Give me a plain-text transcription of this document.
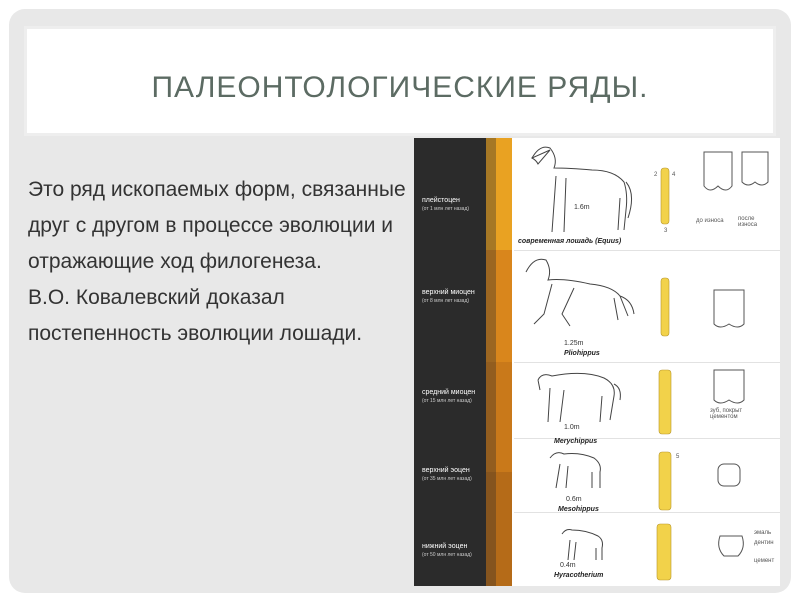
ПАЛЕОНТОЛОГИЧЕСКИЕ РЯДЫ.

Это ряд ископаемых форм, связанные друг с другом в процессе эволюции и отражающие ход филогенеза.

В.О. Ковалевский доказал постепенность эволюции лошади.

плейстоцен
(от 1 млн лет назад)
верхний миоцен
(от 8 млн лет назад)
средний миоцен
(от 15 млн лет назад)
верхний эоцен
(от 35 млн лет назад)
нижний эоцен
(от 50 млн лет назад)
современная лошадь (Equus)
1.6m
Pliohippus
1.25m
Merychippus
1.0m
Mesohippus
0.6m
Hyracotherium
0.4m
до износа после износа
зуб, покрыт цементом
эмаль
дентин
цемент
2 4
3
5
